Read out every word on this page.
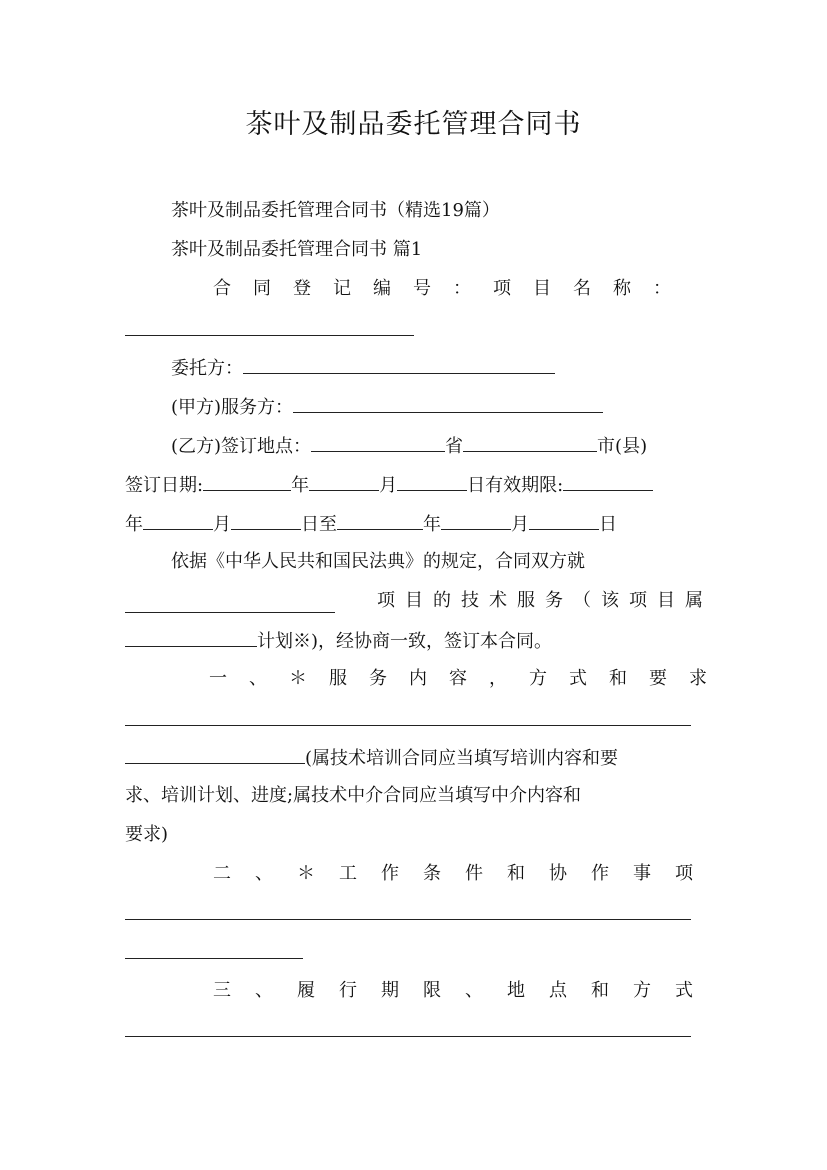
茶叶及制品委托管理合同书
茶叶及制品委托管理合同书（精选19篇）
茶叶及制品委托管理合同书 篇1
合同登记编号： 项目名称：
委托方：
(甲方)服务方：
(乙方)签订地点：	省	市(县)
签订日期:	年	月	日有效期限:
年	月	日至	年	月	日
依据《中华人民共和国民法典》的规定，合同双方就
项目的技术服务（该项目属
计划※)，经协商一致，签订本合同。
一、＊服务内容，方式和要求
(属技术培训合同应当填写培训内容和要
求、培训计划、进度;属技术中介合同应当填写中介内容和
要求)
二、＊工作条件和协作事项
三、履行期限、地点和方式
